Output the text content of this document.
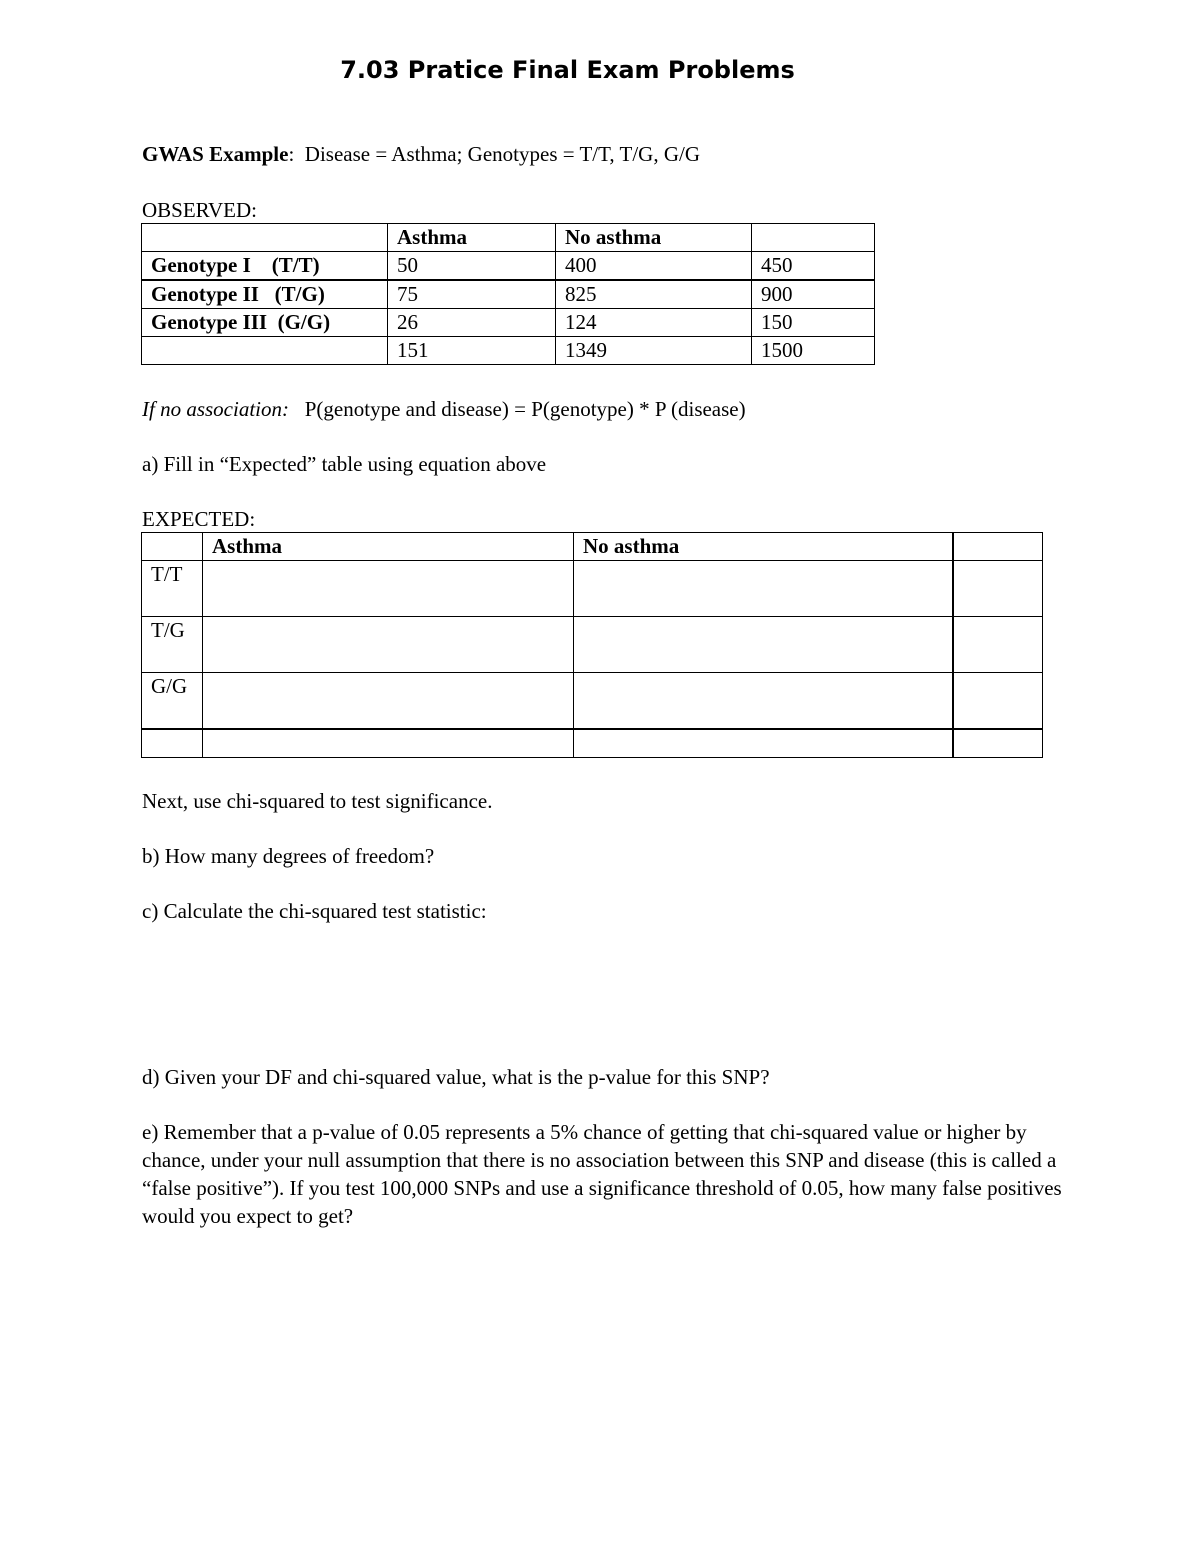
7.03 Pratice Final Exam Problems
GWAS Example: Disease = Asthma; Genotypes = T/T, T/G, G/G
OBSERVED:
	Asthma	No asthma	
Genotype I    (T/T)	50	400	450
Genotype II   (T/G)	75	825	900
Genotype III  (G/G)	26	124	150
	151	1349	1500
If no association: P(genotype and disease) = P(genotype) * P (disease)
a) Fill in “Expected” table using equation above
EXPECTED:
	Asthma	No asthma	
T/T			
T/G			
G/G			

Next, use chi-squared to test significance.
b) How many degrees of freedom?
c) Calculate the chi-squared test statistic:
d) Given your DF and chi-squared value, what is the p-value for this SNP?
e) Remember that a p-value of 0.05 represents a 5% chance of getting that chi-squared value or higher by chance, under your null assumption that there is no association between this SNP and disease (this is called a “false positive”). If you test 100,000 SNPs and use a significance threshold of 0.05, how many false positives would you expect to get?
